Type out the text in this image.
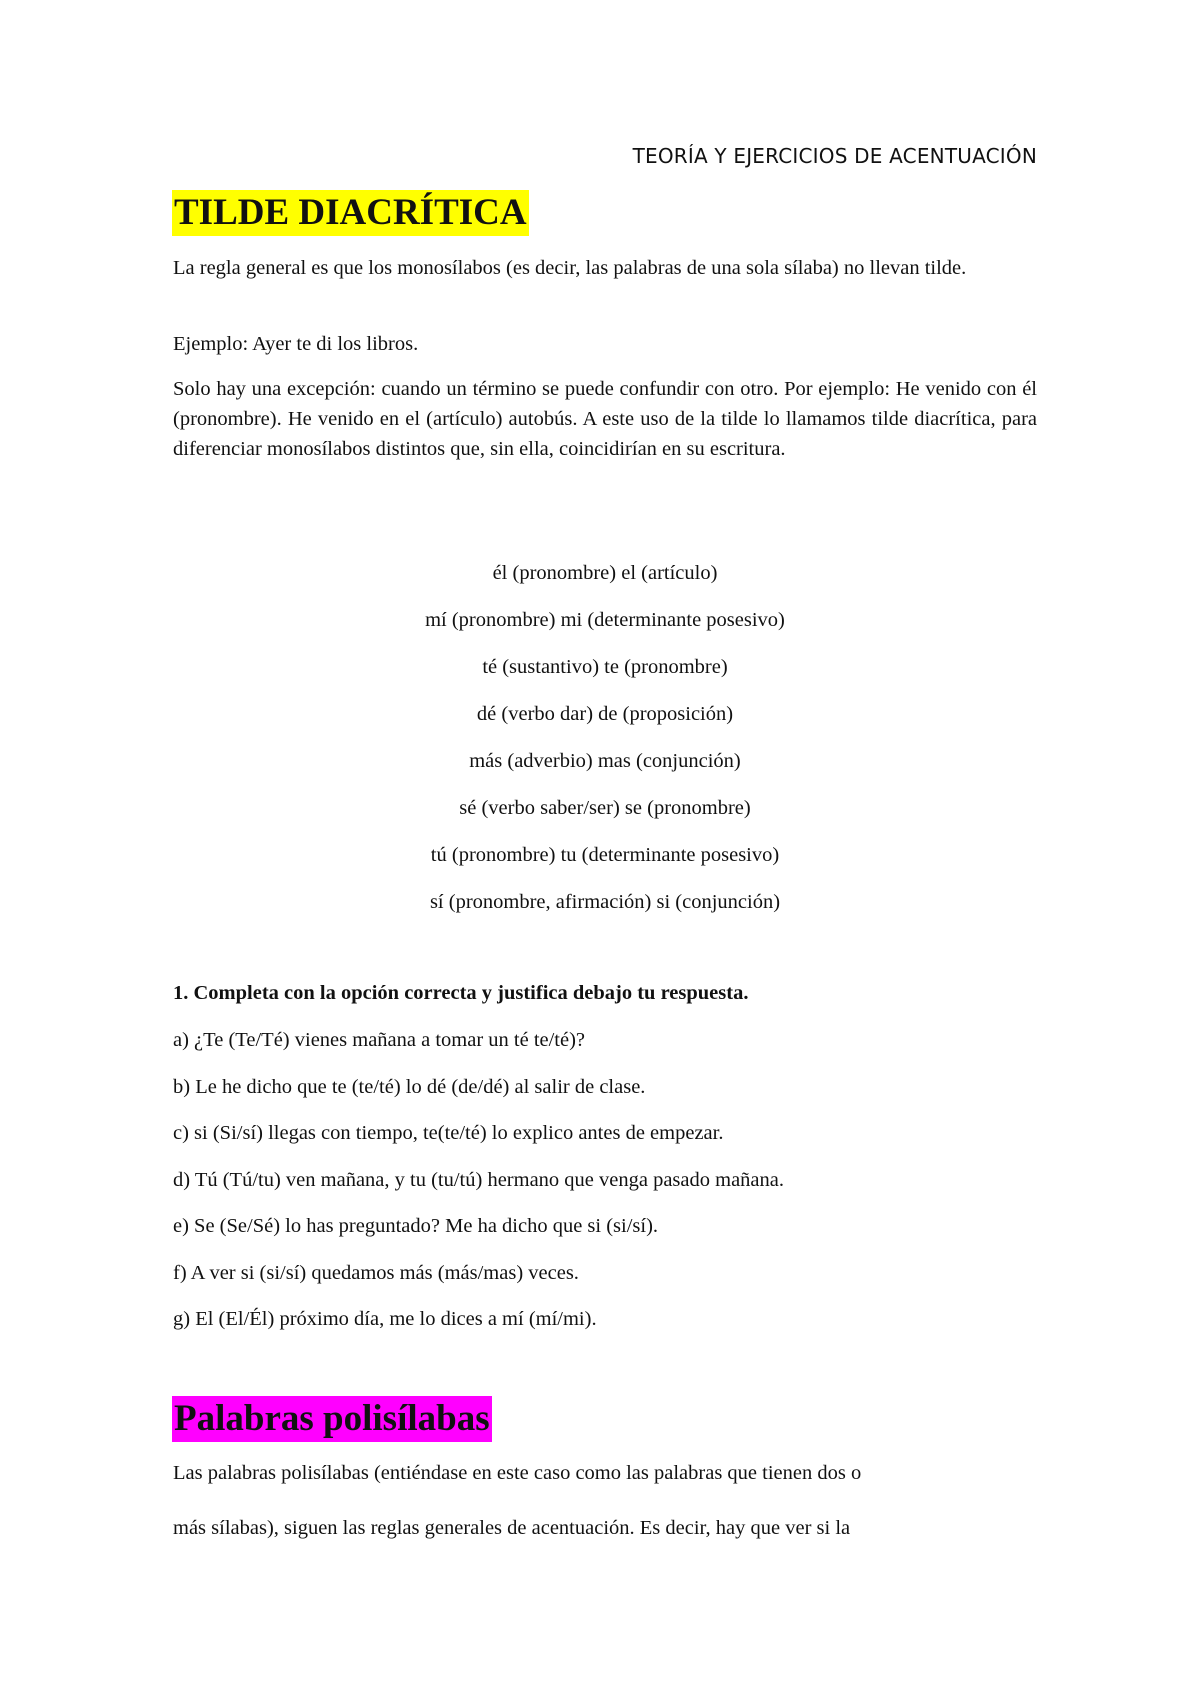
TEORÍA Y EJERCICIOS DE ACENTUACIÓN
TILDE DIACRÍTICA
La regla general es que los monosílabos (es decir, las palabras de una sola sílaba) no llevan tilde.
Ejemplo: Ayer te di los libros.
Solo hay una excepción: cuando un término se puede confundir con otro. Por ejemplo: He venido con él (pronombre). He venido en el (artículo) autobús. A este uso de la tilde lo llamamos tilde diacrítica, para diferenciar monosílabos distintos que, sin ella, coincidirían en su escritura.
él (pronombre) el (artículo)
mí (pronombre) mi (determinante posesivo)
té (sustantivo) te (pronombre)
dé (verbo dar) de (proposición)
más (adverbio) mas (conjunción)
sé (verbo saber/ser) se (pronombre)
tú (pronombre) tu (determinante posesivo)
sí (pronombre, afirmación) si (conjunción)
1. Completa con la opción correcta y justifica debajo tu respuesta.
a) ¿Te (Te/Té) vienes mañana a tomar un té te/té)?
b) Le he dicho que te (te/té) lo dé (de/dé) al salir de clase.
c) si (Si/sí) llegas con tiempo, te(te/té) lo explico antes de empezar.
d) Tú (Tú/tu) ven mañana, y tu (tu/tú) hermano que venga pasado mañana.
e) Se (Se/Sé) lo has preguntado? Me ha dicho que si (si/sí).
f) A ver si (si/sí) quedamos más (más/mas) veces.
g) El (El/Él) próximo día, me lo dices a mí (mí/mi).
Palabras polisílabas
Las palabras polisílabas (entiéndase en este caso como las palabras que tienen dos o
más sílabas), siguen las reglas generales de acentuación. Es decir, hay que ver si la
